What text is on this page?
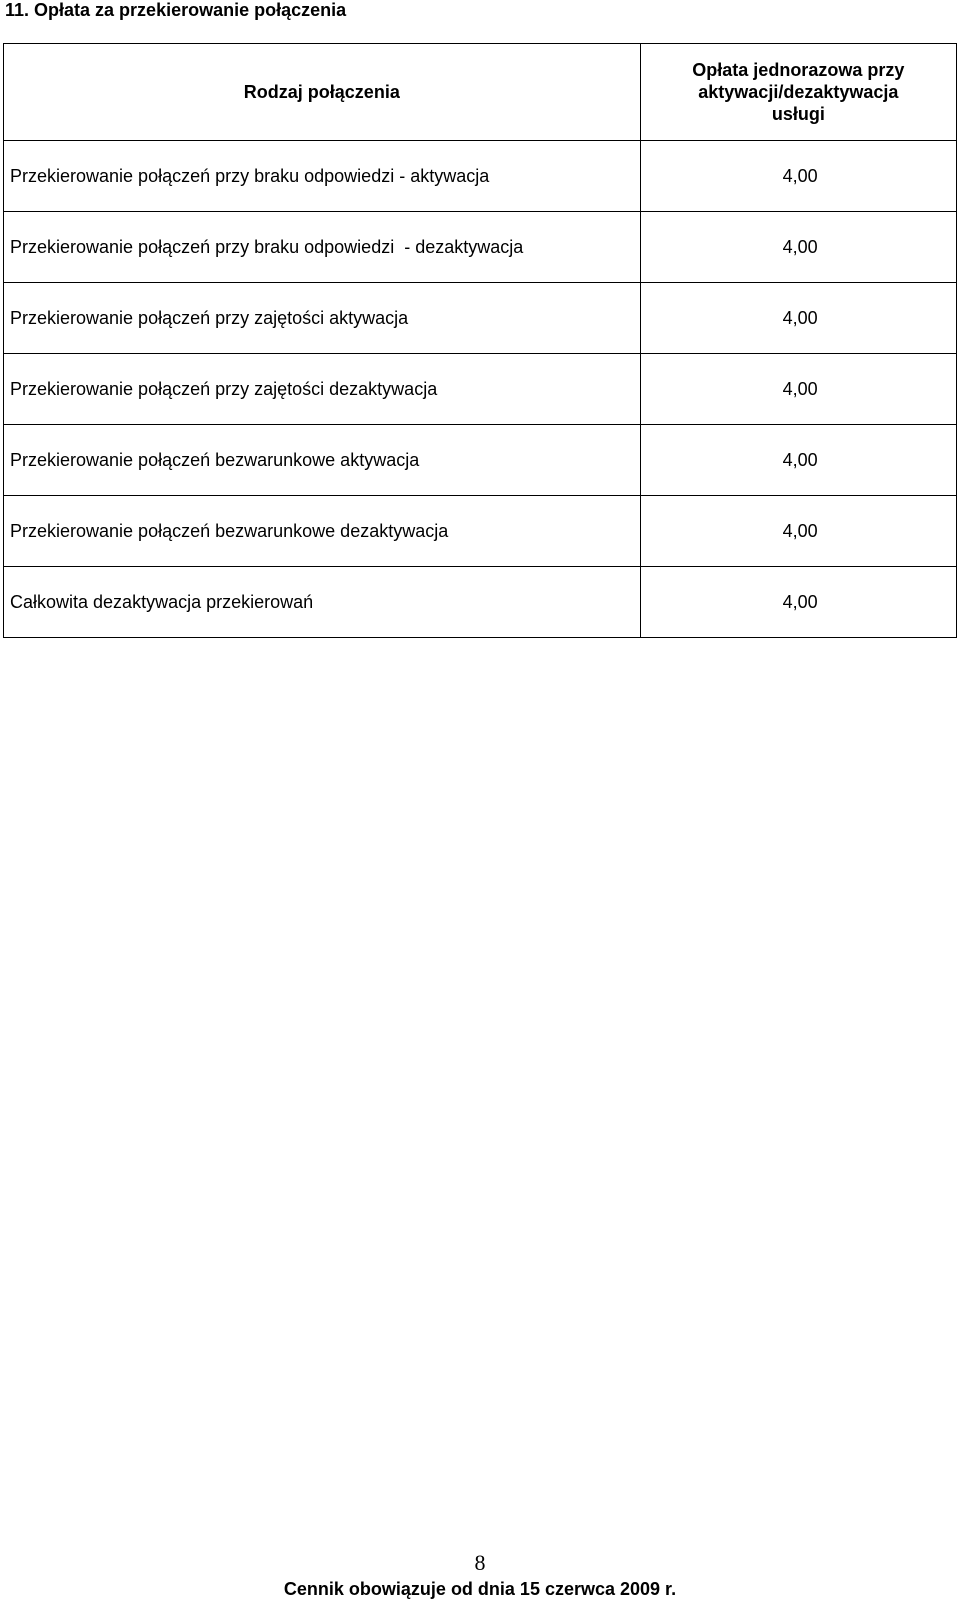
11. Opłata za przekierowanie połączenia
Rodzaj połączenia	Opłata jednorazowa przy aktywacji/dezaktywacja usługi
Przekierowanie połączeń przy braku odpowiedzi - aktywacja	4,00
Przekierowanie połączeń przy braku odpowiedzi  - dezaktywacja	4,00
Przekierowanie połączeń przy zajętości aktywacja	4,00
Przekierowanie połączeń przy zajętości dezaktywacja	4,00
Przekierowanie połączeń bezwarunkowe aktywacja	4,00
Przekierowanie połączeń bezwarunkowe dezaktywacja	4,00
Całkowita dezaktywacja przekierowań	4,00
8
Cennik obowiązuje od dnia 15 czerwca 2009 r.
